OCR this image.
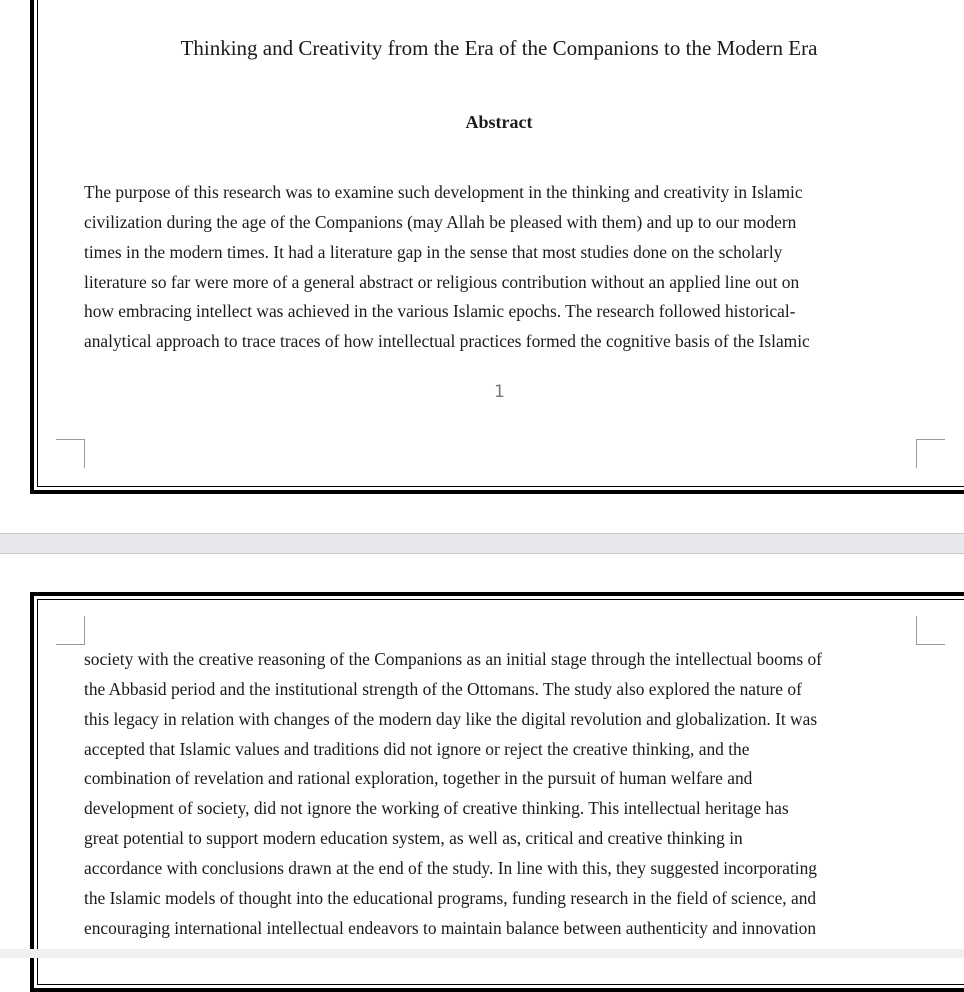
Thinking and Creativity from the Era of the Companions to the Modern Era
Abstract
The purpose of this research was to examine such development in the thinking and creativity in Islamic
civilization during the age of the Companions (may Allah be pleased with them) and up to our modern
times in the modern times. It had a literature gap in the sense that most studies done on the scholarly
literature so far were more of a general abstract or religious contribution without an applied line out on
how embracing intellect was achieved in the various Islamic epochs. The research followed historical-
analytical approach to trace traces of how intellectual practices formed the cognitive basis of the Islamic
1
society with the creative reasoning of the Companions as an initial stage through the intellectual booms of
the Abbasid period and the institutional strength of the Ottomans. The study also explored the nature of
this legacy in relation with changes of the modern day like the digital revolution and globalization. It was
accepted that Islamic values and traditions did not ignore or reject the creative thinking, and the
combination of revelation and rational exploration, together in the pursuit of human welfare and
development of society, did not ignore the working of creative thinking. This intellectual heritage has
great potential to support modern education system, as well as, critical and creative thinking in
accordance with conclusions drawn at the end of the study. In line with this, they suggested incorporating
the Islamic models of thought into the educational programs, funding research in the field of science, and
encouraging international intellectual endeavors to maintain balance between authenticity and innovation
